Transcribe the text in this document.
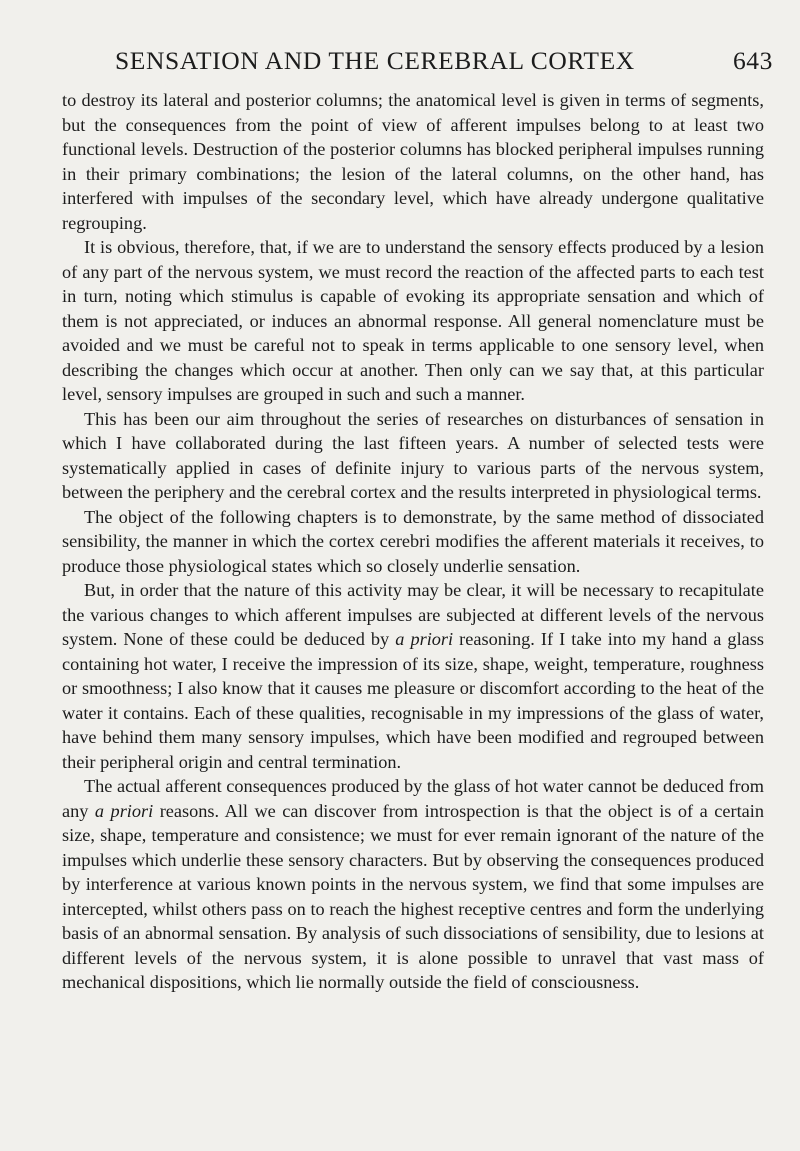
SENSATION AND THE CEREBRAL CORTEX	643

to destroy its lateral and posterior columns; the anatomical level is given in terms of segments, but the consequences from the point of view of afferent impulses belong to at least two functional levels. Destruction of the posterior columns has blocked peripheral impulses running in their primary combinations; the lesion of the lateral columns, on the other hand, has interfered with impulses of the secondary level, which have already undergone qualitative regrouping.

It is obvious, therefore, that, if we are to understand the sensory effects produced by a lesion of any part of the nervous system, we must record the reaction of the affected parts to each test in turn, noting which stimulus is capable of evoking its appropriate sensation and which of them is not appreciated, or induces an abnormal response. All general nomenclature must be avoided and we must be careful not to speak in terms applicable to one sensory level, when describing the changes which occur at another. Then only can we say that, at this particular level, sensory impulses are grouped in such and such a manner.

This has been our aim throughout the series of researches on disturbances of sensation in which I have collaborated during the last fifteen years. A number of selected tests were systematically applied in cases of definite injury to various parts of the nervous system, between the periphery and the cerebral cortex and the results interpreted in physiological terms.

The object of the following chapters is to demonstrate, by the same method of dissociated sensibility, the manner in which the cortex cerebri modifies the afferent materials it receives, to produce those physiological states which so closely underlie sensation.

But, in order that the nature of this activity may be clear, it will be necessary to recapitulate the various changes to which afferent impulses are subjected at different levels of the nervous system. None of these could be deduced by a priori reasoning. If I take into my hand a glass containing hot water, I receive the impression of its size, shape, weight, temperature, roughness or smoothness; I also know that it causes me pleasure or discomfort according to the heat of the water it contains. Each of these qualities, recognisable in my impressions of the glass of water, have behind them many sensory impulses, which have been modified and regrouped between their peripheral origin and central termination.

The actual afferent consequences produced by the glass of hot water cannot be deduced from any a priori reasons. All we can discover from introspection is that the object is of a certain size, shape, temperature and consistence; we must for ever remain ignorant of the nature of the impulses which underlie these sensory characters. But by observing the consequences produced by interference at various known points in the nervous system, we find that some impulses are intercepted, whilst others pass on to reach the highest receptive centres and form the underlying basis of an abnormal sensation. By analysis of such dissociations of sensibility, due to lesions at different levels of the nervous system, it is alone possible to unravel that vast mass of mechanical dispositions, which lie normally outside the field of consciousness.
